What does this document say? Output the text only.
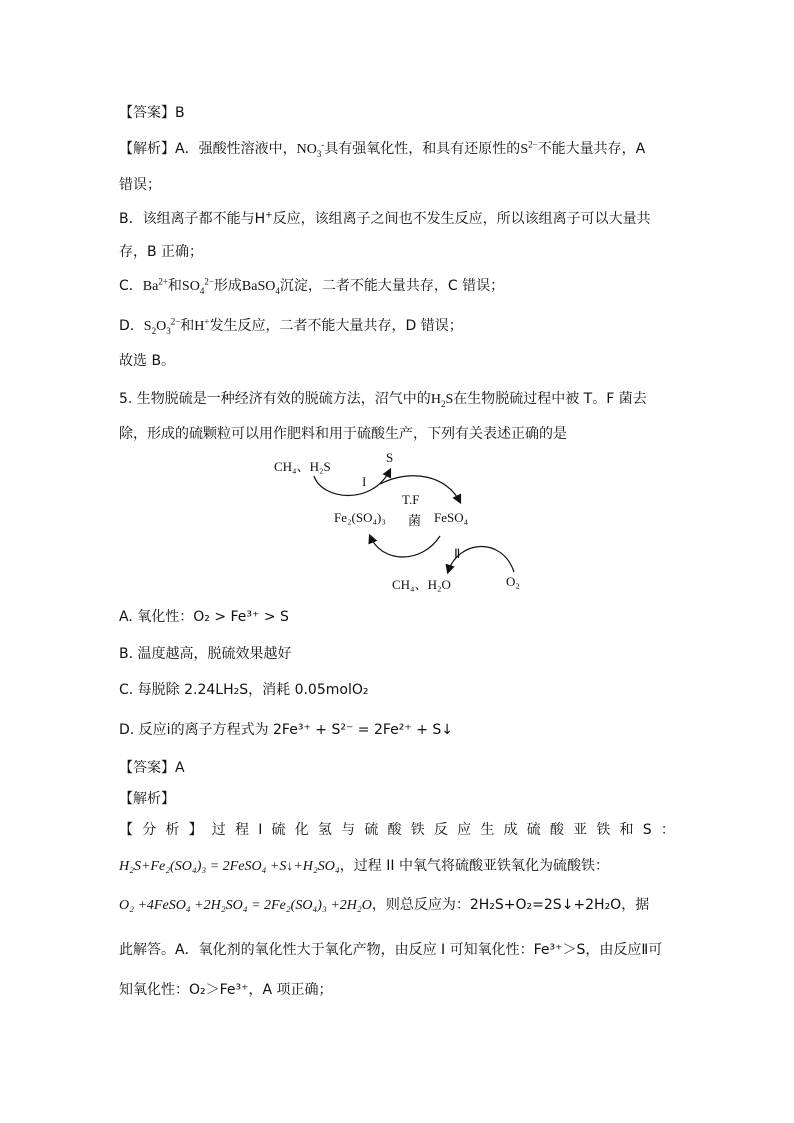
【答案】B
【解析】A．强酸性溶液中，$NO_3^-$具有强氧化性，和具有还原性的$S^{2-}$不能大量共存，A
错误；
B．该组离子都不能与H+反应，该组离子之间也不发生反应，所以该组离子可以大量共
存，B 正确；
C．$Ba^{2+}$和$SO_4^{2-}$形成BaSO$_4$沉淀，二者不能大量共存，C 错误；
D．$S_2O_3^{2-}$和H+发生反应，二者不能大量共存，D 错误；
故选 B。
5. 生物脱硫是一种经济有效的脱硫方法，沼气中的$H_2S$在生物脱硫过程中被 T。F 菌去
除，形成的硫颗粒可以用作肥料和用于硫酸生产，下列有关表述正确的是
CH₄、H₂S
S
I
T.F
Fe₂(SO₄)₃ 菌 FeSO₄
Ⅱ
CH₄、H₂O	O₂
A. 氧化性：O₂ > Fe³⁺ > S
B. 温度越高，脱硫效果越好
C. 每脱除 2.24LH₂S，消耗 0.05molO₂
D. 反应ⅰ的离子方程式为 2Fe³⁺ + S²⁻ = 2Fe²⁺ + S↓
【答案】A
【解析】
【分析】过程I硫化氢与硫酸铁反应生成硫酸亚铁和S：
H₂S+Fe₂(SO₄)₃ = 2FeSO₄ +S↓+H₂SO₄，过程 II 中氧气将硫酸亚铁氧化为硫酸铁：
O₂ +4FeSO₄ +2H₂SO₄ = 2Fe₂(SO₄)₃ +2H₂O，则总反应为：2H₂S+O₂=2S↓+2H₂O，据
此解答。A．氧化剂的氧化性大于氧化产物，由反应 I 可知氧化性：Fe³⁺＞S，由反应Ⅱ可
知氧化性：O₂＞Fe³⁺，A 项正确；
